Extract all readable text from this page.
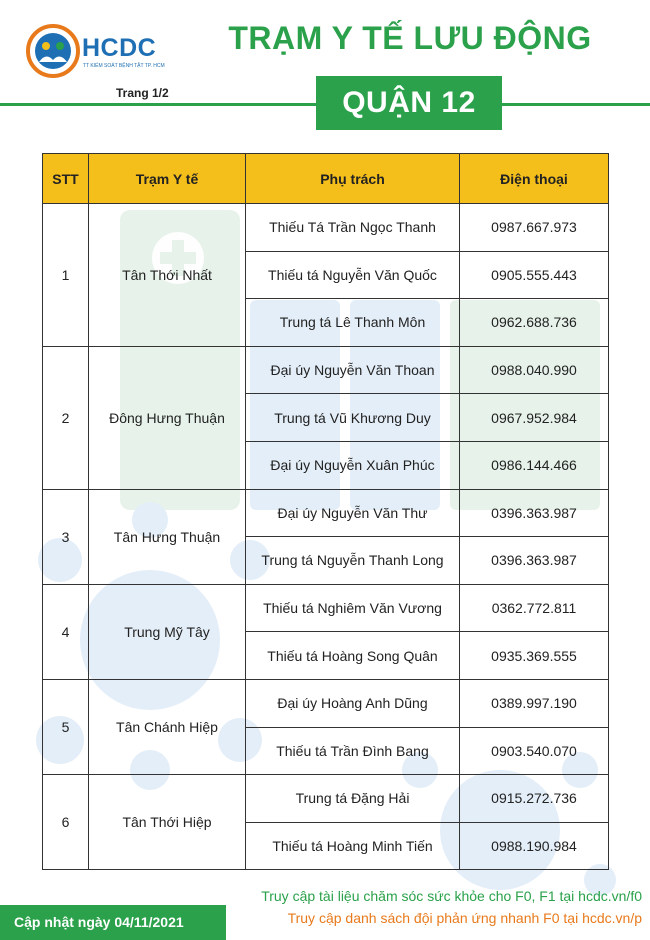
HCDC
TT KIỂM SOÁT BỆNH TẬT TP. HCM
Trang 1/2
TRẠM Y TẾ LƯU ĐỘNG
QUẬN 12
STT	Trạm Y tế	Phụ trách	Điện thoại
1	Tân Thới Nhất	Thiếu Tá Trần Ngọc Thanh	0987.667.973
		Thiếu tá Nguyễn Văn Quốc	0905.555.443
		Trung tá Lê Thanh Môn	0962.688.736
2	Đông Hưng Thuận	Đại úy Nguyễn Văn Thoan	0988.040.990
		Trung tá Vũ Khương Duy	0967.952.984
		Đại úy Nguyễn Xuân Phúc	0986.144.466
3	Tân Hưng Thuận	Đại úy Nguyễn Văn Thư	0396.363.987
		Trung tá Nguyễn Thanh Long	0396.363.987
4	Trung Mỹ Tây	Thiếu tá Nghiêm Văn Vương	0362.772.811
		Thiếu tá Hoàng Song Quân	0935.369.555
5	Tân Chánh Hiệp	Đại úy Hoàng Anh Dũng	0389.997.190
		Thiếu tá Trần Đình Bang	0903.540.070
6	Tân Thới Hiệp	Trung tá Đặng Hải	0915.272.736
		Thiếu tá Hoàng Minh Tiến	0988.190.984
Cập nhật ngày 04/11/2021
Truy cập tài liệu chăm sóc sức khỏe cho F0, F1 tại hcdc.vn/f0
Truy cập danh sách đội phản ứng nhanh F0 tại hcdc.vn/p
